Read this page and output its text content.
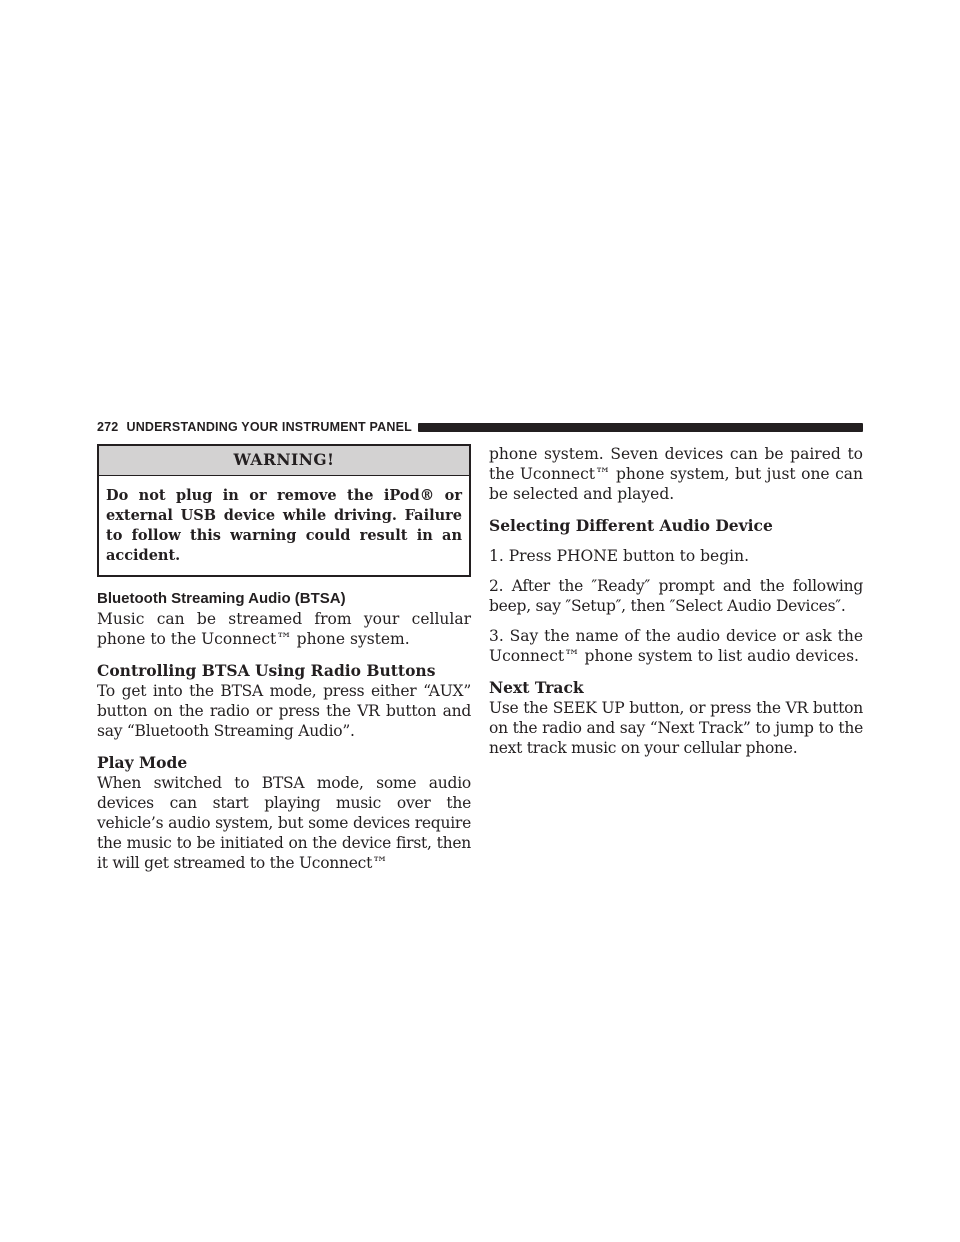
272 UNDERSTANDING YOUR INSTRUMENT PANEL
WARNING!
Do not plug in or remove the iPod® or external USB device while driving. Failure to follow this warning could result in an accident.
Bluetooth Streaming Audio (BTSA)

Music can be streamed from your cellular phone to the Uconnect™ phone system.

Controlling BTSA Using Radio Buttons

To get into the BTSA mode, press either “AUX” button on the radio or press the VR button and say “Bluetooth Streaming Audio”.

Play Mode

When switched to BTSA mode, some audio devices can start playing music over the vehicle’s audio system, but some devices require the music to be initiated on the device first, then it will get streamed to the Uconnect™

phone system. Seven devices can be paired to the Uconnect™ phone system, but just one can be selected and played.

Selecting Different Audio Device

1. Press PHONE button to begin.

2. After the ″Ready″ prompt and the following beep, say ″Setup″, then ″Select Audio Devices″.

3. Say the name of the audio device or ask the Uconnect™ phone system to list audio devices.

Next Track

Use the SEEK UP button, or press the VR button on the radio and say “Next Track” to jump to the next track music on your cellular phone.
